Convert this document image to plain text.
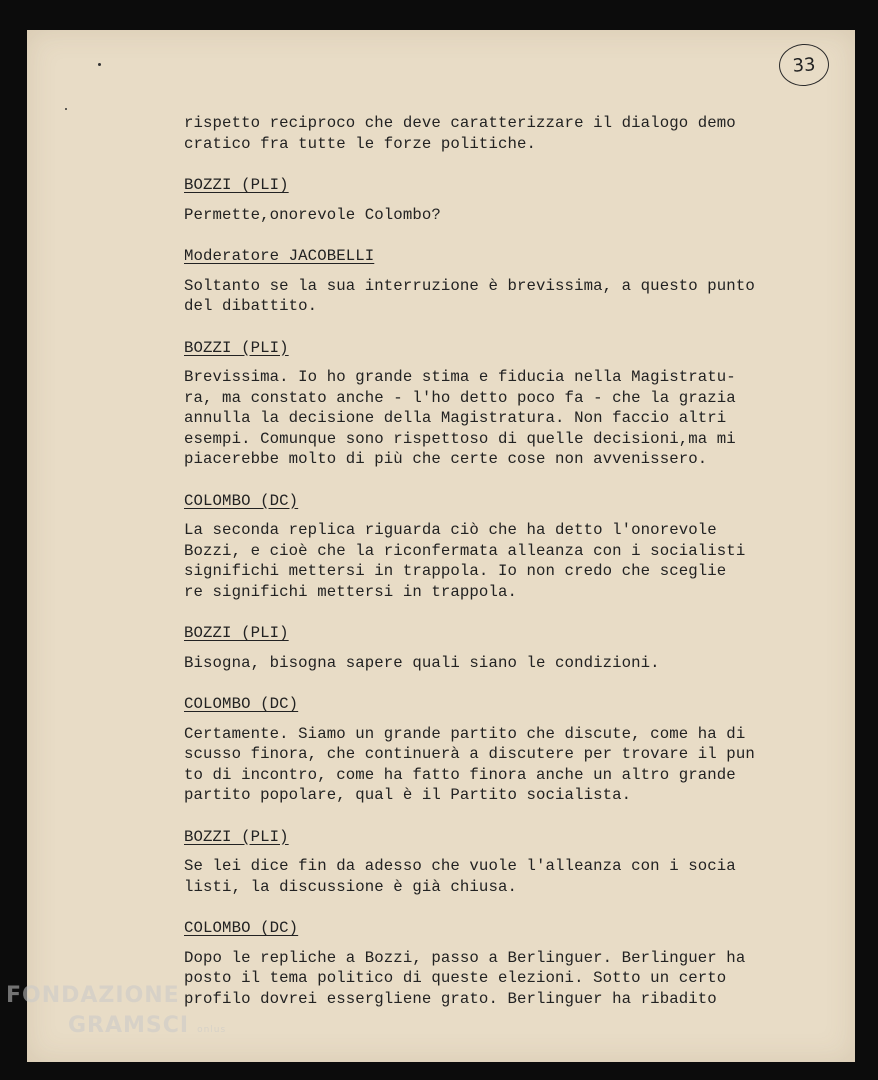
33

rispetto reciproco che deve caratterizzare il dialogo demo
cratico fra tutte le forze politiche.

BOZZI (PLI)

Permette,onorevole Colombo?

Moderatore JACOBELLI

Soltanto se la sua interruzione è brevissima, a questo punto
del dibattito.

BOZZI (PLI)

Brevissima. Io ho grande stima e fiducia nella Magistratu-
ra, ma constato anche - l'ho detto poco fa - che la grazia
annulla la decisione della Magistratura. Non faccio altri
esempi. Comunque sono rispettoso di quelle decisioni,ma mi
piacerebbe molto di più che certe cose non avvenissero.

COLOMBO (DC)

La seconda replica riguarda ciò che ha detto l'onorevole
Bozzi, e cioè che la riconfermata alleanza con i socialisti
significhi mettersi in trappola. Io non credo che sceglie
re significhi mettersi in trappola.

BOZZI (PLI)

Bisogna, bisogna sapere quali siano le condizioni.

COLOMBO (DC)

Certamente. Siamo un grande partito che discute, come ha di
scusso finora, che continuerà a discutere per trovare il pun
to di incontro, come ha fatto finora anche un altro grande
partito popolare, qual è il Partito socialista.

BOZZI (PLI)

Se lei dice fin da adesso che vuole l'alleanza con i socia
listi, la discussione è già chiusa.

COLOMBO (DC)

Dopo le repliche a Bozzi, passo a Berlinguer. Berlinguer ha
posto il tema politico di queste elezioni. Sotto un certo
profilo dovrei essergliene grato. Berlinguer ha ribadito

FONDAZIONE
GRAMSCI onlus
